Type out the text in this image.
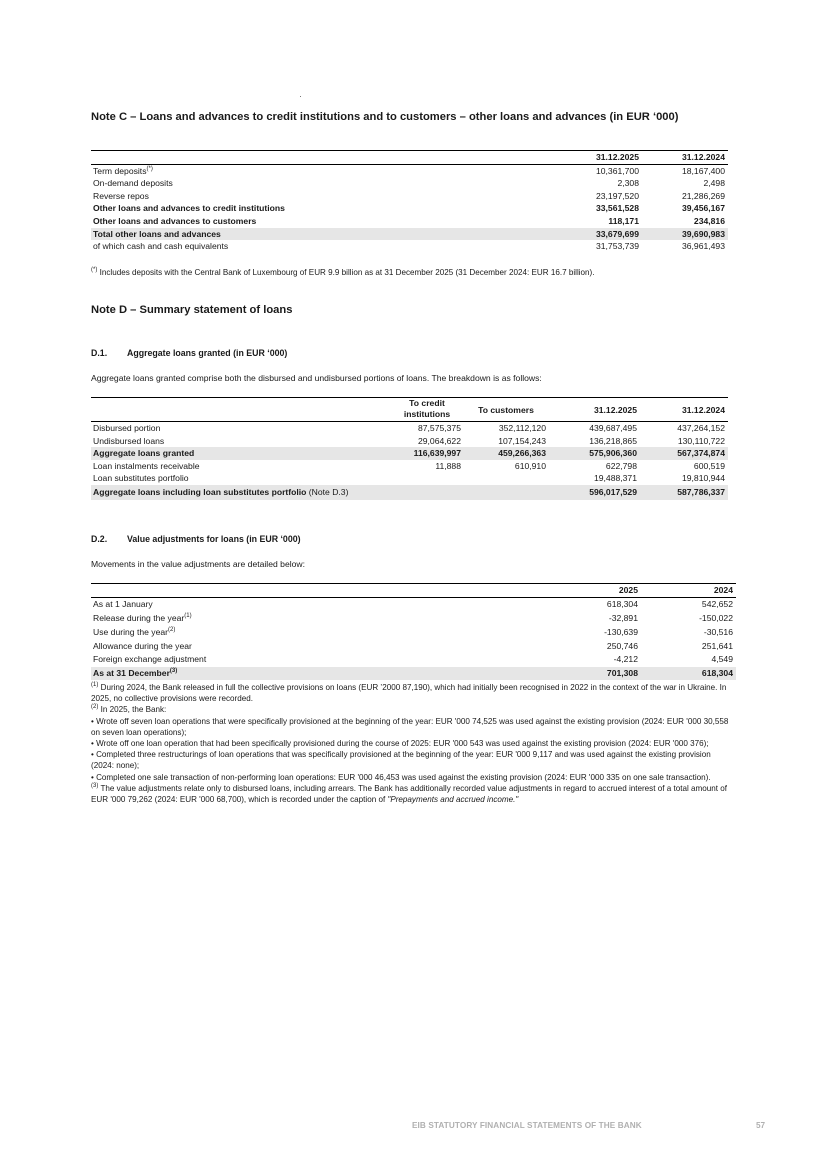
Note C – Loans and advances to credit institutions and to customers – other loans and advances (in EUR ‘000)
	31.12.2025	31.12.2024
Term deposits(*)	10,361,700	18,167,400
On-demand deposits	2,308	2,498
Reverse repos	23,197,520	21,286,269
Other loans and advances to credit institutions	33,561,528	39,456,167
Other loans and advances to customers	118,171	234,816
Total other loans and advances	33,679,699	39,690,983
of which cash and cash equivalents	31,753,739	36,961,493

(*) Includes deposits with the Central Bank of Luxembourg of EUR 9.9 billion as at 31 December 2025 (31 December 2024: EUR 16.7 billion).

Note D – Summary statement of loans
D.1. Aggregate loans granted (in EUR ‘000)

Aggregate loans granted comprise both the disbursed and undisbursed portions of loans. The breakdown is as follows:

	To credit institutions	To customers	31.12.2025	31.12.2024
Disbursed portion	87,575,375	352,112,120	439,687,495	437,264,152
Undisbursed loans	29,064,622	107,154,243	136,218,865	130,110,722
Aggregate loans granted	116,639,997	459,266,363	575,906,360	567,374,874
Loan instalments receivable	11,888	610,910	622,798	600,519
Loan substitutes portfolio			19,488,371	19,810,944
Aggregate loans including loan substitutes portfolio (Note D.3)			596,017,529	587,786,337
D.2. Value adjustments for loans (in EUR ‘000)

Movements in the value adjustments are detailed below:

	2025	2024
As at 1 January	618,304	542,652
Release during the year$^{(1)}$	-32,891	-150,022
Use during the year$^{(2)}$	-130,639	-30,516
Allowance during the year	250,746	251,641
Foreign exchange adjustment	-4,212	4,549
As at 31 December$^{(3)}$	701,308	618,304

$^{(1)}$ During 2024, the Bank released in full the collective provisions on loans (EUR ’2000 87,190), which had initially been recognised in 2022 in the context of the war in Ukraine. In 2025, no collective provisions were recorded.

$^{(2)}$ In 2025, the Bank:

• Wrote off seven loan operations that were specifically provisioned at the beginning of the year: EUR '000 74,525 was used against the existing provision (2024: EUR '000 30,558 on seven loan operations);

• Wrote off one loan operation that had been specifically provisioned during the course of 2025: EUR '000 543 was used against the existing provision (2024: EUR '000 376);

• Completed three restructurings of loan operations that was specifically provisioned at the beginning of the year: EUR '000 9,117 and was used against the existing provision (2024: none);

• Completed one sale transaction of non-performing loan operations: EUR '000 46,453 was used against the existing provision (2024: EUR '000 335 on one sale transaction).

$^{(3)}$ The value adjustments relate only to disbursed loans, including arrears. The Bank has additionally recorded value adjustments in regard to accrued interest of a total amount of EUR '000 79,262 (2024: EUR '000 68,700), which is recorded under the caption of "Prepayments and accrued income."

EIB STATUTORY FINANCIAL STATEMENTS OF THE BANK	57
